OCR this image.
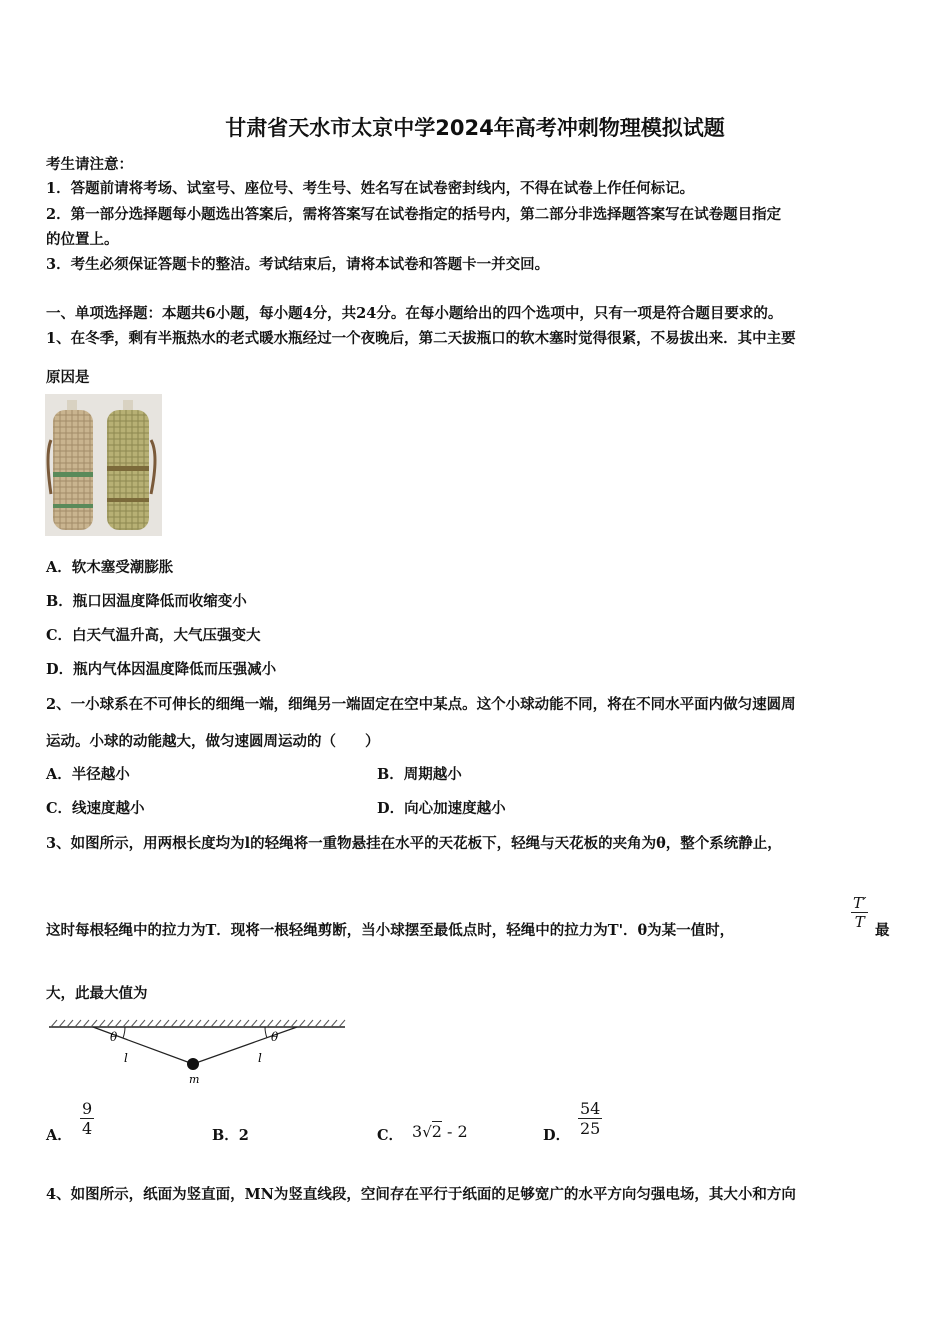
甘肃省天水市太京中学2024年高考冲刺物理模拟试题
考生请注意：
1．答题前请将考场、试室号、座位号、考生号、姓名写在试卷密封线内，不得在试卷上作任何标记。
2．第一部分选择题每小题选出答案后，需将答案写在试卷指定的括号内，第二部分非选择题答案写在试卷题目指定
的位置上。
3．考生必须保证答题卡的整洁。考试结束后，请将本试卷和答题卡一并交回。
一、单项选择题：本题共6小题，每小题4分，共24分。在每小题给出的四个选项中，只有一项是符合题目要求的。
1、在冬季，剩有半瓶热水的老式暖水瓶经过一个夜晚后，第二天拔瓶口的软木塞时觉得很紧，不易拔出来．其中主要
原因是
A．软木塞受潮膨胀
B．瓶口因温度降低而收缩变小
C．白天气温升高，大气压强变大
D．瓶内气体因温度降低而压强减小
2、一小球系在不可伸长的细绳一端，细绳另一端固定在空中某点。这个小球动能不同，将在不同水平面内做匀速圆周
运动。小球的动能越大，做匀速圆周运动的（　　）
A．半径越小	B．周期越小
C．线速度越小	D．向心加速度越小
3、如图所示，用两根长度均为l的轻绳将一重物悬挂在水平的天花板下，轻绳与天花板的夹角为θ，整个系统静止，
这时每根轻绳中的拉力为T．现将一根轻绳剪断，当小球摆至最低点时，轻绳中的拉力为T'．θ为某一值时，	$\frac{T'}{T}$ 最
大，此最大值为
θ	θ
l	l
m
A． $\frac{9}{4}$	B．2	C． 3√2 - 2	D． $\frac{54}{25}$
4、如图所示，纸面为竖直面，MN为竖直线段，空间存在平行于纸面的足够宽广的水平方向匀强电场，其大小和方向
